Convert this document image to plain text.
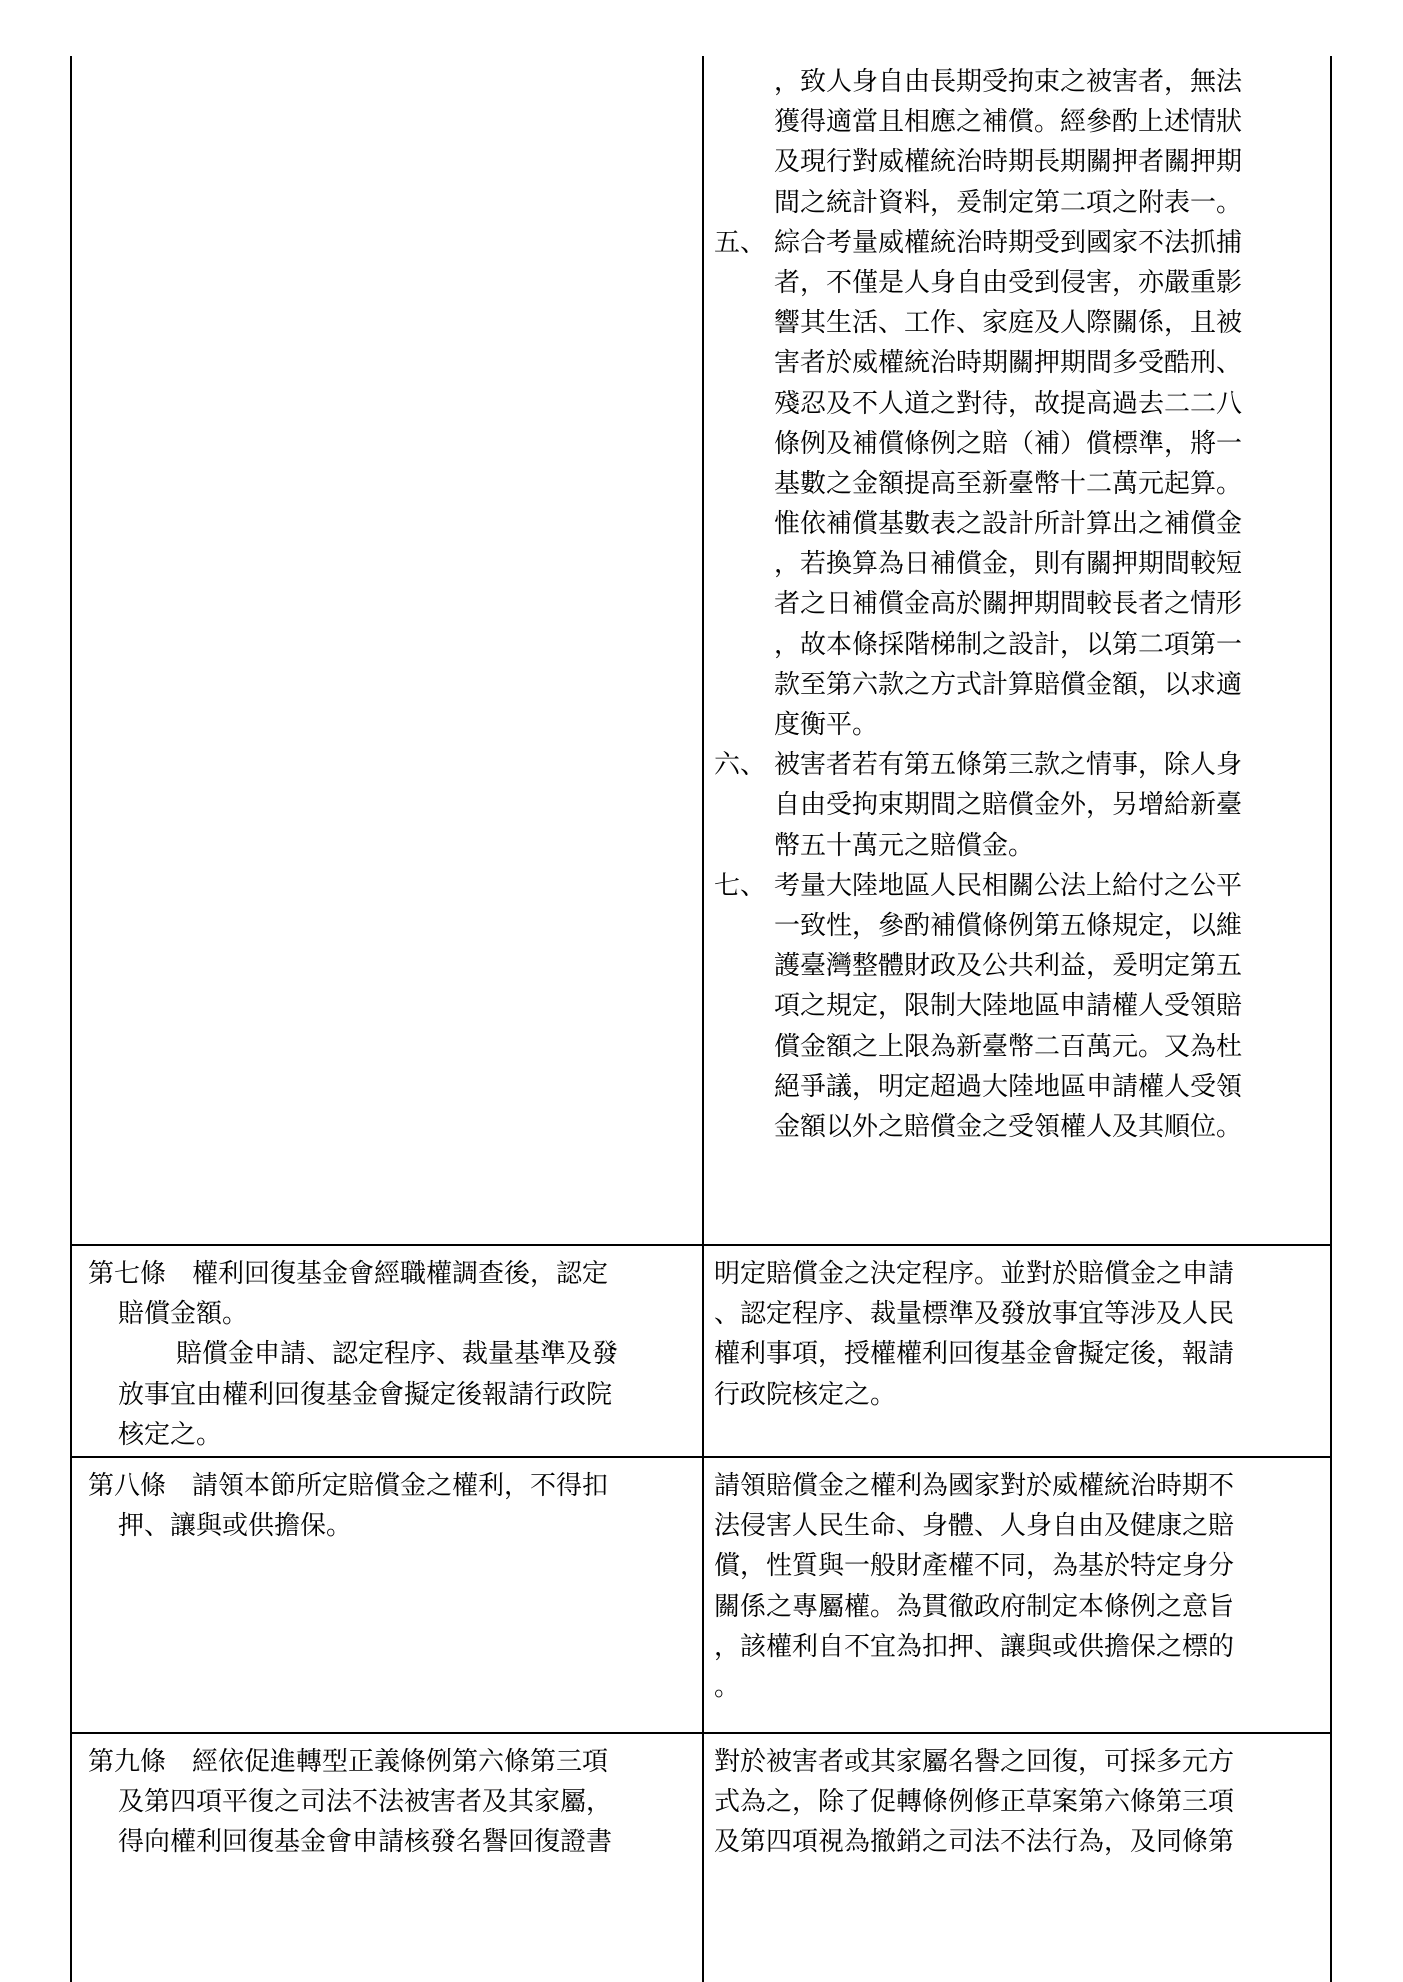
，致人身自由長期受拘束之被害者，無法
獲得適當且相應之補償。經參酌上述情狀
及現行對威權統治時期長期關押者關押期
間之統計資料，爰制定第二項之附表一。
五、 綜合考量威權統治時期受到國家不法抓捕
者，不僅是人身自由受到侵害，亦嚴重影
響其生活、工作、家庭及人際關係，且被
害者於威權統治時期關押期間多受酷刑、
殘忍及不人道之對待，故提高過去二二八
條例及補償條例之賠（補）償標準，將一
基數之金額提高至新臺幣十二萬元起算。
惟依補償基數表之設計所計算出之補償金
，若換算為日補償金，則有關押期間較短
者之日補償金高於關押期間較長者之情形
，故本條採階梯制之設計，以第二項第一
款至第六款之方式計算賠償金額，以求適
度衡平。
六、 被害者若有第五條第三款之情事，除人身
自由受拘束期間之賠償金外，另增給新臺
幣五十萬元之賠償金。
七、 考量大陸地區人民相關公法上給付之公平
一致性，參酌補償條例第五條規定，以維
護臺灣整體財政及公共利益，爰明定第五
項之規定，限制大陸地區申請權人受領賠
償金額之上限為新臺幣二百萬元。又為杜
絕爭議，明定超過大陸地區申請權人受領
金額以外之賠償金之受領權人及其順位。
第七條　權利回復基金會經職權調查後，認定
賠償金額。
賠償金申請、認定程序、裁量基準及發
放事宜由權利回復基金會擬定後報請行政院
核定之。
明定賠償金之決定程序。並對於賠償金之申請
、認定程序、裁量標準及發放事宜等涉及人民
權利事項，授權權利回復基金會擬定後，報請
行政院核定之。
第八條　請領本節所定賠償金之權利，不得扣
押、讓與或供擔保。
請領賠償金之權利為國家對於威權統治時期不
法侵害人民生命、身體、人身自由及健康之賠
償，性質與一般財產權不同，為基於特定身分
關係之專屬權。為貫徹政府制定本條例之意旨
，該權利自不宜為扣押、讓與或供擔保之標的
。
第九條　經依促進轉型正義條例第六條第三項
及第四項平復之司法不法被害者及其家屬，
得向權利回復基金會申請核發名譽回復證書
對於被害者或其家屬名譽之回復，可採多元方
式為之，除了促轉條例修正草案第六條第三項
及第四項視為撤銷之司法不法行為，及同條第
